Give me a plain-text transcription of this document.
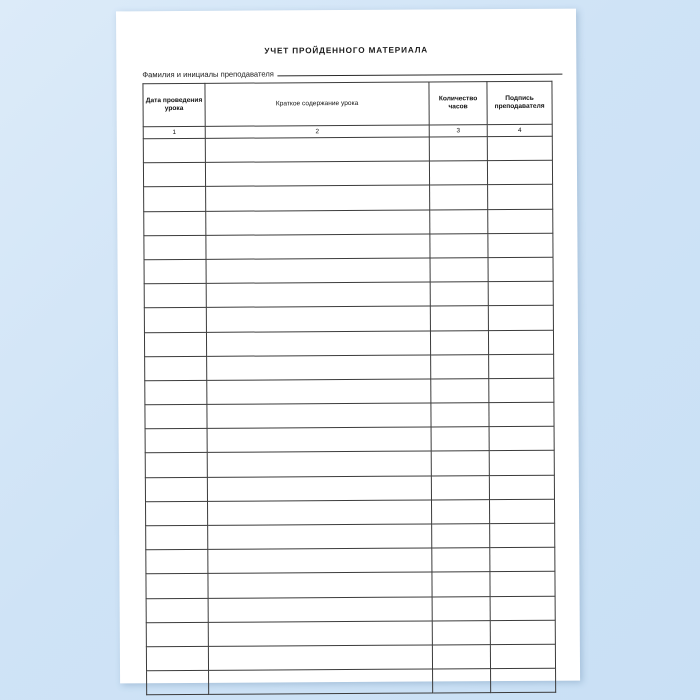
УЧЕТ ПРОЙДЕННОГО МАТЕРИАЛА
Фамилия и инициалы преподавателя
Дата проведения урока	Краткое содержание урока	Количество часов	Подпись преподавателя
1	2	3	4
